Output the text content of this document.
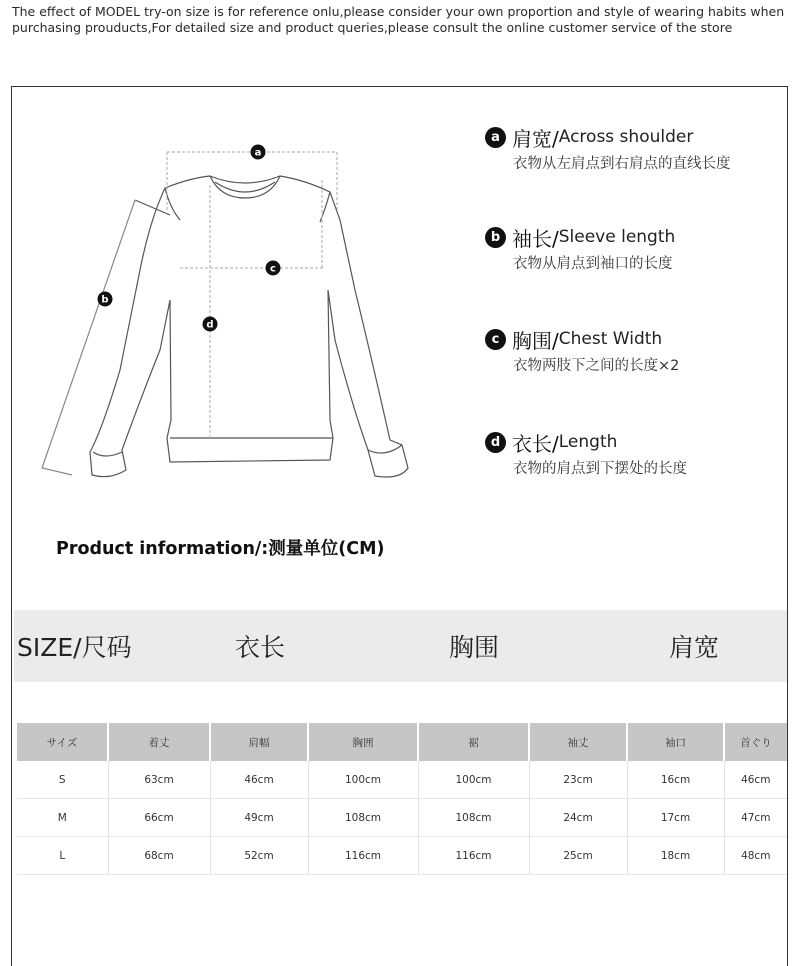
The effect of MODEL try-on size is for reference onlu,please consider your own proportion and style of wearing habits when
purchasing prouducts,For detailed size and product queries,please consult the online customer service of the store
a
b
c
d
a 肩宽/ Across shoulder
衣物从左肩点到右肩点的直线长度
b 袖长/ Sleeve length
衣物从肩点到袖口的长度
c 胸围/ Chest Width
衣物两肢下之间的长度×2
d 衣长/ Length
衣物的肩点到下摆处的长度
Product information/:测量单位(CM)
SIZE/尺码	衣长	胸围	肩宽
サイズ	着丈	肩幅	胸囲	裾	袖丈	袖口	首ぐり
S	63cm	46cm	100cm	100cm	23cm	16cm	46cm
M	66cm	49cm	108cm	108cm	24cm	17cm	47cm
L	68cm	52cm	116cm	116cm	25cm	18cm	48cm
